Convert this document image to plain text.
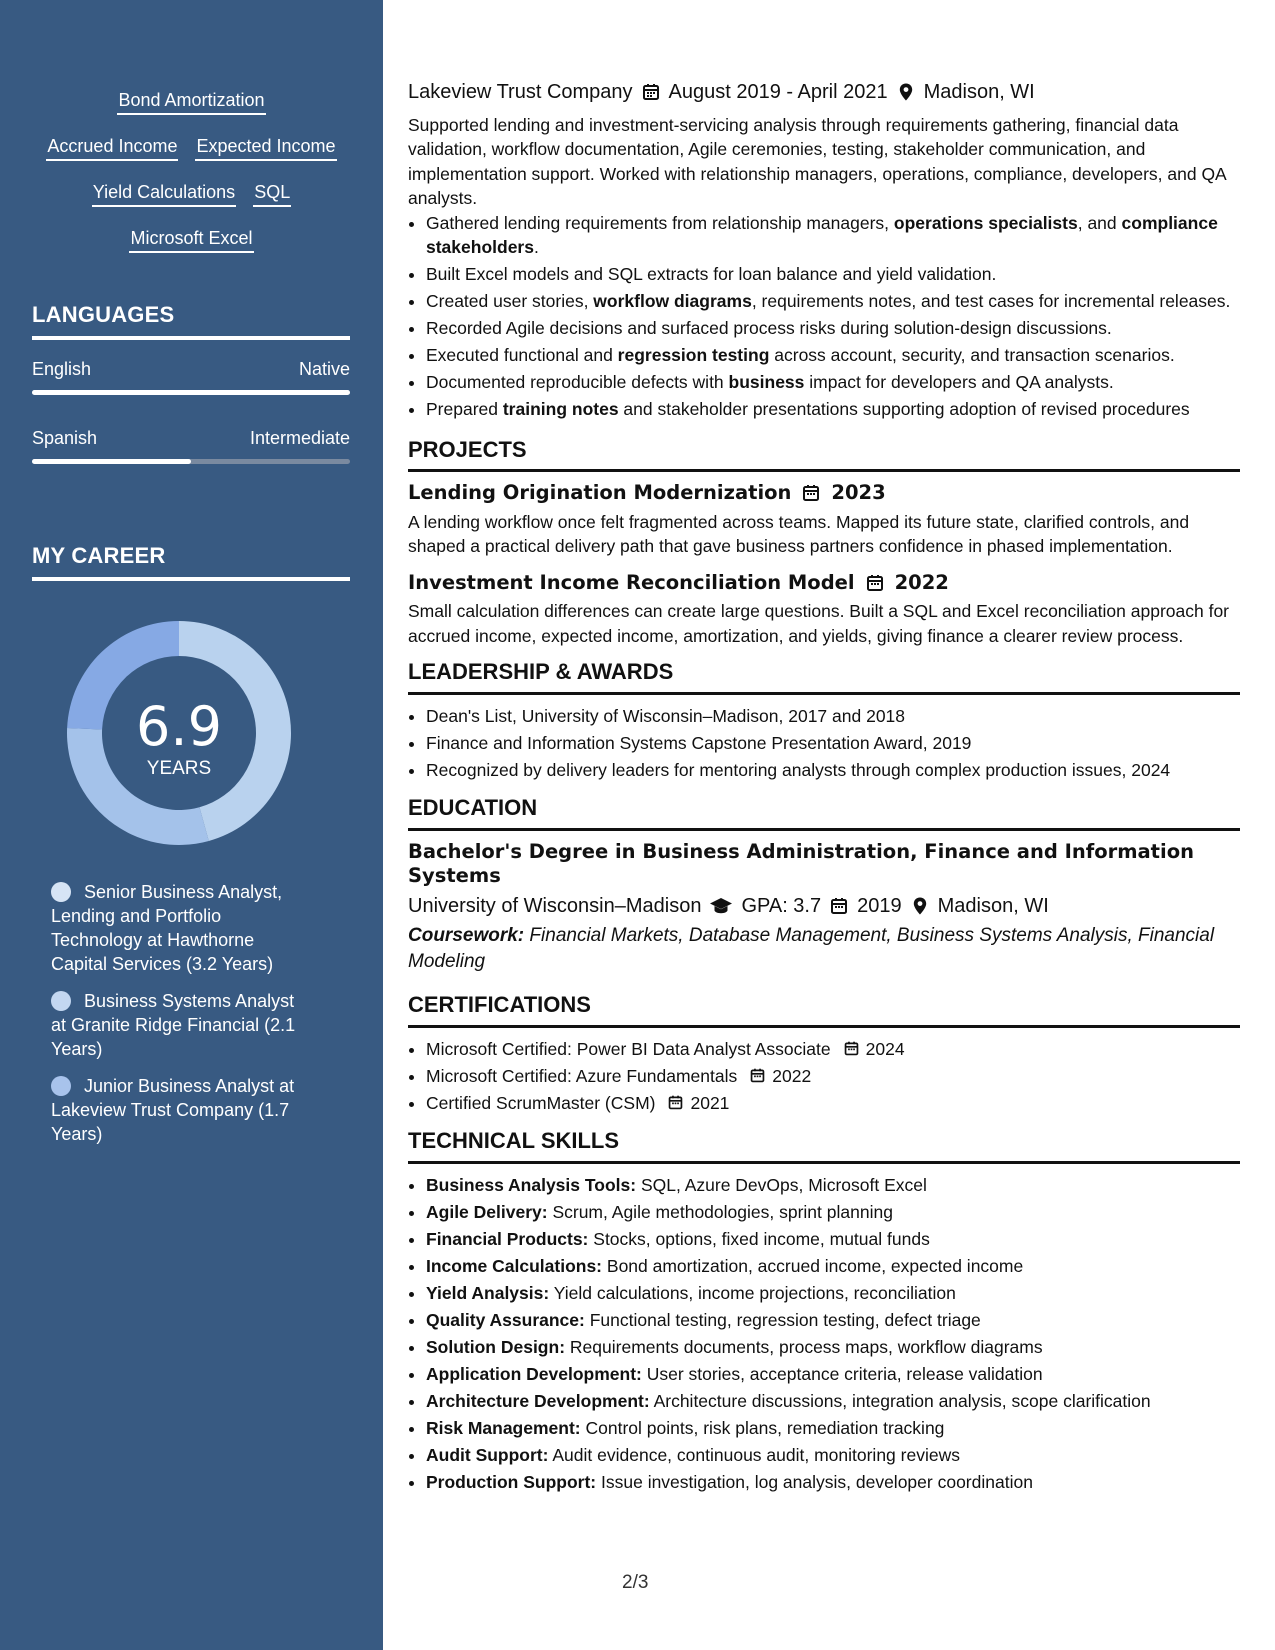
Bond Amortization
Accrued Income Expected Income
Yield Calculations SQL
Microsoft Excel
LANGUAGES
English	Native
Spanish	Intermediate
MY CAREER
6.9
YEARS
Senior Business Analyst, Lending and Portfolio Technology at Hawthorne Capital Services (3.2 Years)
Business Systems Analyst at Granite Ridge Financial (2.1 Years)
Junior Business Analyst at Lakeview Trust Company (1.7 Years)
Lakeview Trust Company August 2019 - April 2021 Madison, WI

Supported lending and investment-servicing analysis through requirements gathering, financial data validation, workflow documentation, Agile ceremonies, testing, stakeholder communication, and implementation support. Worked with relationship managers, operations, compliance, developers, and QA analysts.

• Gathered lending requirements from relationship managers, operations specialists, and compliance stakeholders.
• Built Excel models and SQL extracts for loan balance and yield validation.
• Created user stories, workflow diagrams, requirements notes, and test cases for incremental releases.
• Recorded Agile decisions and surfaced process risks during solution-design discussions.
• Executed functional and regression testing across account, security, and transaction scenarios.
• Documented reproducible defects with business impact for developers and QA analysts.
• Prepared training notes and stakeholder presentations supporting adoption of revised procedures
PROJECTS
Lending Origination Modernization 2023

A lending workflow once felt fragmented across teams. Mapped its future state, clarified controls, and shaped a practical delivery path that gave business partners confidence in phased implementation.

Investment Income Reconciliation Model 2022

Small calculation differences can create large questions. Built a SQL and Excel reconciliation approach for accrued income, expected income, amortization, and yields, giving finance a clearer review process.

LEADERSHIP & AWARDS
• Dean's List, University of Wisconsin–Madison, 2017 and 2018
• Finance and Information Systems Capstone Presentation Award, 2019
• Recognized by delivery leaders for mentoring analysts through complex production issues, 2024
EDUCATION
Bachelor's Degree in Business Administration, Finance and Information Systems
University of Wisconsin–Madison GPA: 3.7 2019 Madison, WI
Coursework: Financial Markets, Database Management, Business Systems Analysis, Financial Modeling
CERTIFICATIONS
• Microsoft Certified: Power BI Data Analyst Associate 2024
• Microsoft Certified: Azure Fundamentals 2022
• Certified ScrumMaster (CSM) 2021
TECHNICAL SKILLS
• Business Analysis Tools: SQL, Azure DevOps, Microsoft Excel
• Agile Delivery: Scrum, Agile methodologies, sprint planning
• Financial Products: Stocks, options, fixed income, mutual funds
• Income Calculations: Bond amortization, accrued income, expected income
• Yield Analysis: Yield calculations, income projections, reconciliation
• Quality Assurance: Functional testing, regression testing, defect triage
• Solution Design: Requirements documents, process maps, workflow diagrams
• Application Development: User stories, acceptance criteria, release validation
• Architecture Development: Architecture discussions, integration analysis, scope clarification
• Risk Management: Control points, risk plans, remediation tracking
• Audit Support: Audit evidence, continuous audit, monitoring reviews
• Production Support: Issue investigation, log analysis, developer coordination
2/3
